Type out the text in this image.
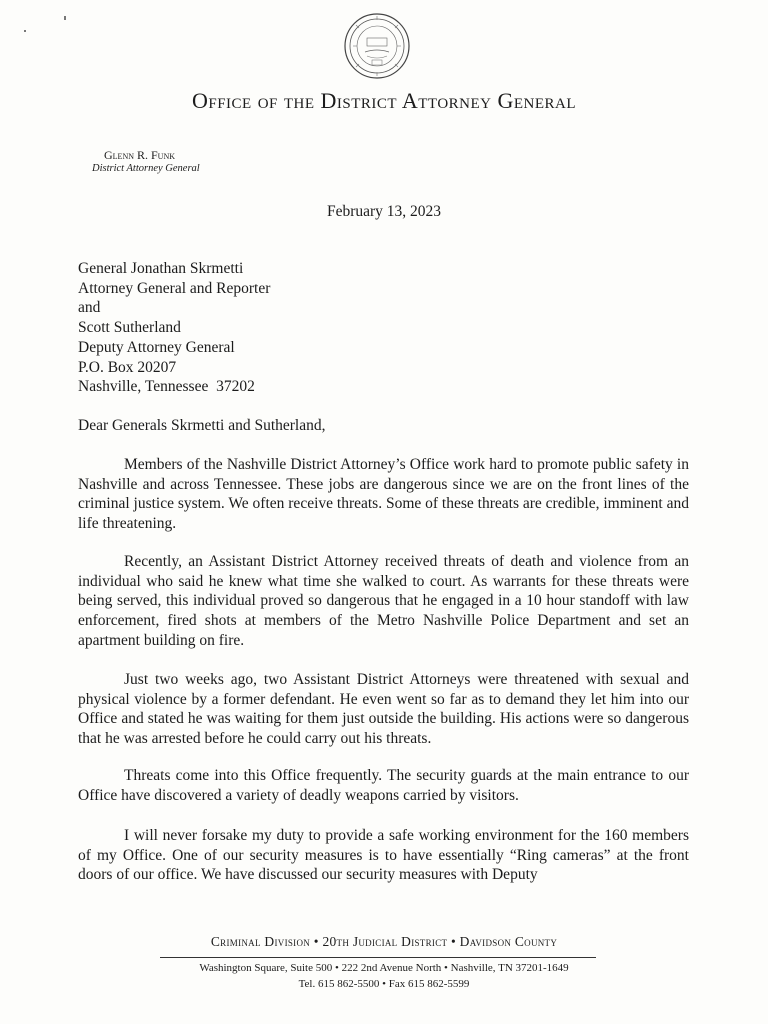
Office of the District Attorney General
Glenn R. Funk
District Attorney General
February 13, 2023
General Jonathan Skrmetti
Attorney General and Reporter
and
Scott Sutherland
Deputy Attorney General
P.O. Box 20207
Nashville, Tennessee  37202
Dear Generals Skrmetti and Sutherland,

Members of the Nashville District Attorney’s Office work hard to promote public safety in Nashville and across Tennessee. These jobs are dangerous since we are on the front lines of the criminal justice system. We often receive threats. Some of these threats are credible, imminent and life threatening.

Recently, an Assistant District Attorney received threats of death and violence from an individual who said he knew what time she walked to court. As warrants for these threats were being served, this individual proved so dangerous that he engaged in a 10 hour standoff with law enforcement, fired shots at members of the Metro Nashville Police Department and set an apartment building on fire.

Just two weeks ago, two Assistant District Attorneys were threatened with sexual and physical violence by a former defendant. He even went so far as to demand they let him into our Office and stated he was waiting for them just outside the building. His actions were so dangerous that he was arrested before he could carry out his threats.

Threats come into this Office frequently. The security guards at the main entrance to our Office have discovered a variety of deadly weapons carried by visitors.

I will never forsake my duty to provide a safe working environment for the 160 members of my Office. One of our security measures is to have essentially “Ring cameras” at the front doors of our office. We have discussed our security measures with Deputy

Criminal Division • 20th Judicial District • Davidson County
Washington Square, Suite 500 • 222 2nd Avenue North • Nashville, TN 37201-1649
Tel. 615 862-5500 • Fax 615 862-5599
